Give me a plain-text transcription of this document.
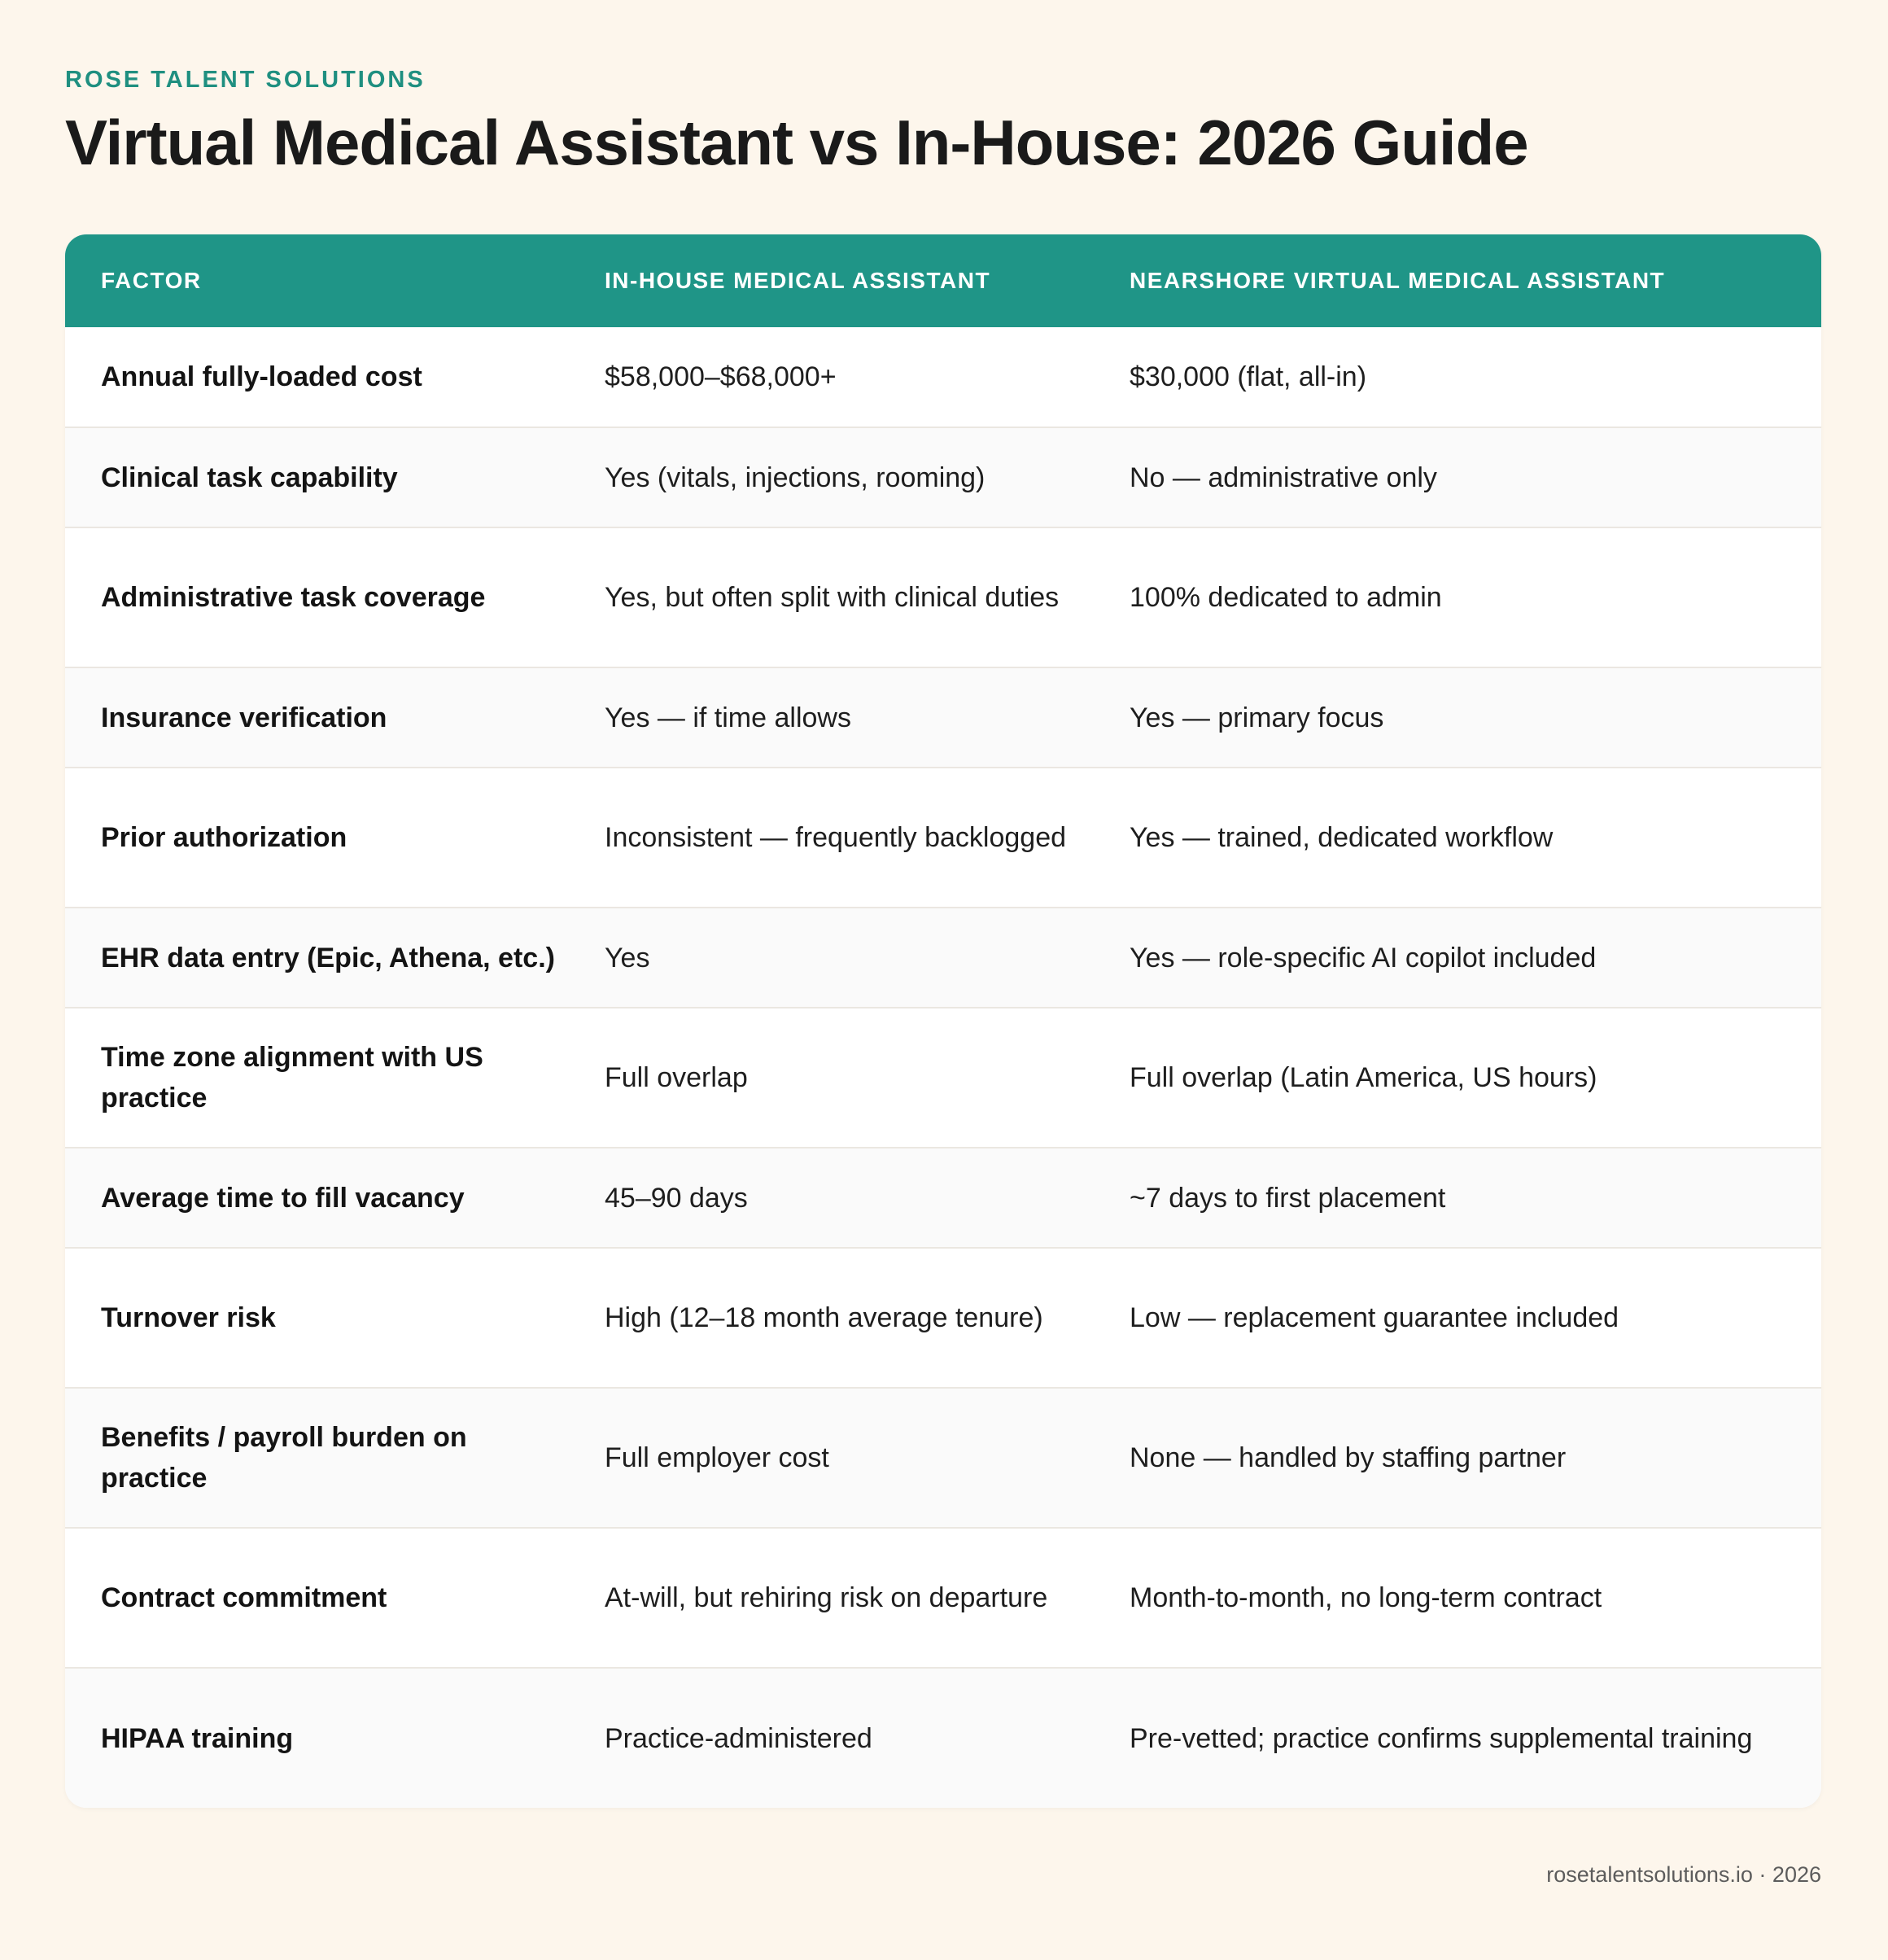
ROSE TALENT SOLUTIONS
Virtual Medical Assistant vs In-House: 2026 Guide
FACTOR	IN-HOUSE MEDICAL ASSISTANT	NEARSHORE VIRTUAL MEDICAL ASSISTANT
Annual fully-loaded cost	$58,000–$68,000+	$30,000 (flat, all-in)
Clinical task capability	Yes (vitals, injections, rooming)	No — administrative only
Administrative task coverage	Yes, but often split with clinical duties	100% dedicated to admin
Insurance verification	Yes — if time allows	Yes — primary focus
Prior authorization	Inconsistent — frequently backlogged	Yes — trained, dedicated workflow
EHR data entry (Epic, Athena, etc.)	Yes	Yes — role-specific AI copilot included
Time zone alignment with US practice	Full overlap	Full overlap (Latin America, US hours)
Average time to fill vacancy	45–90 days	~7 days to first placement
Turnover risk	High (12–18 month average tenure)	Low — replacement guarantee included
Benefits / payroll burden on practice	Full employer cost	None — handled by staffing partner
Contract commitment	At-will, but rehiring risk on departure	Month-to-month, no long-term contract
HIPAA training	Practice-administered	Pre-vetted; practice confirms supplemental training
rosetalentsolutions.io · 2026
